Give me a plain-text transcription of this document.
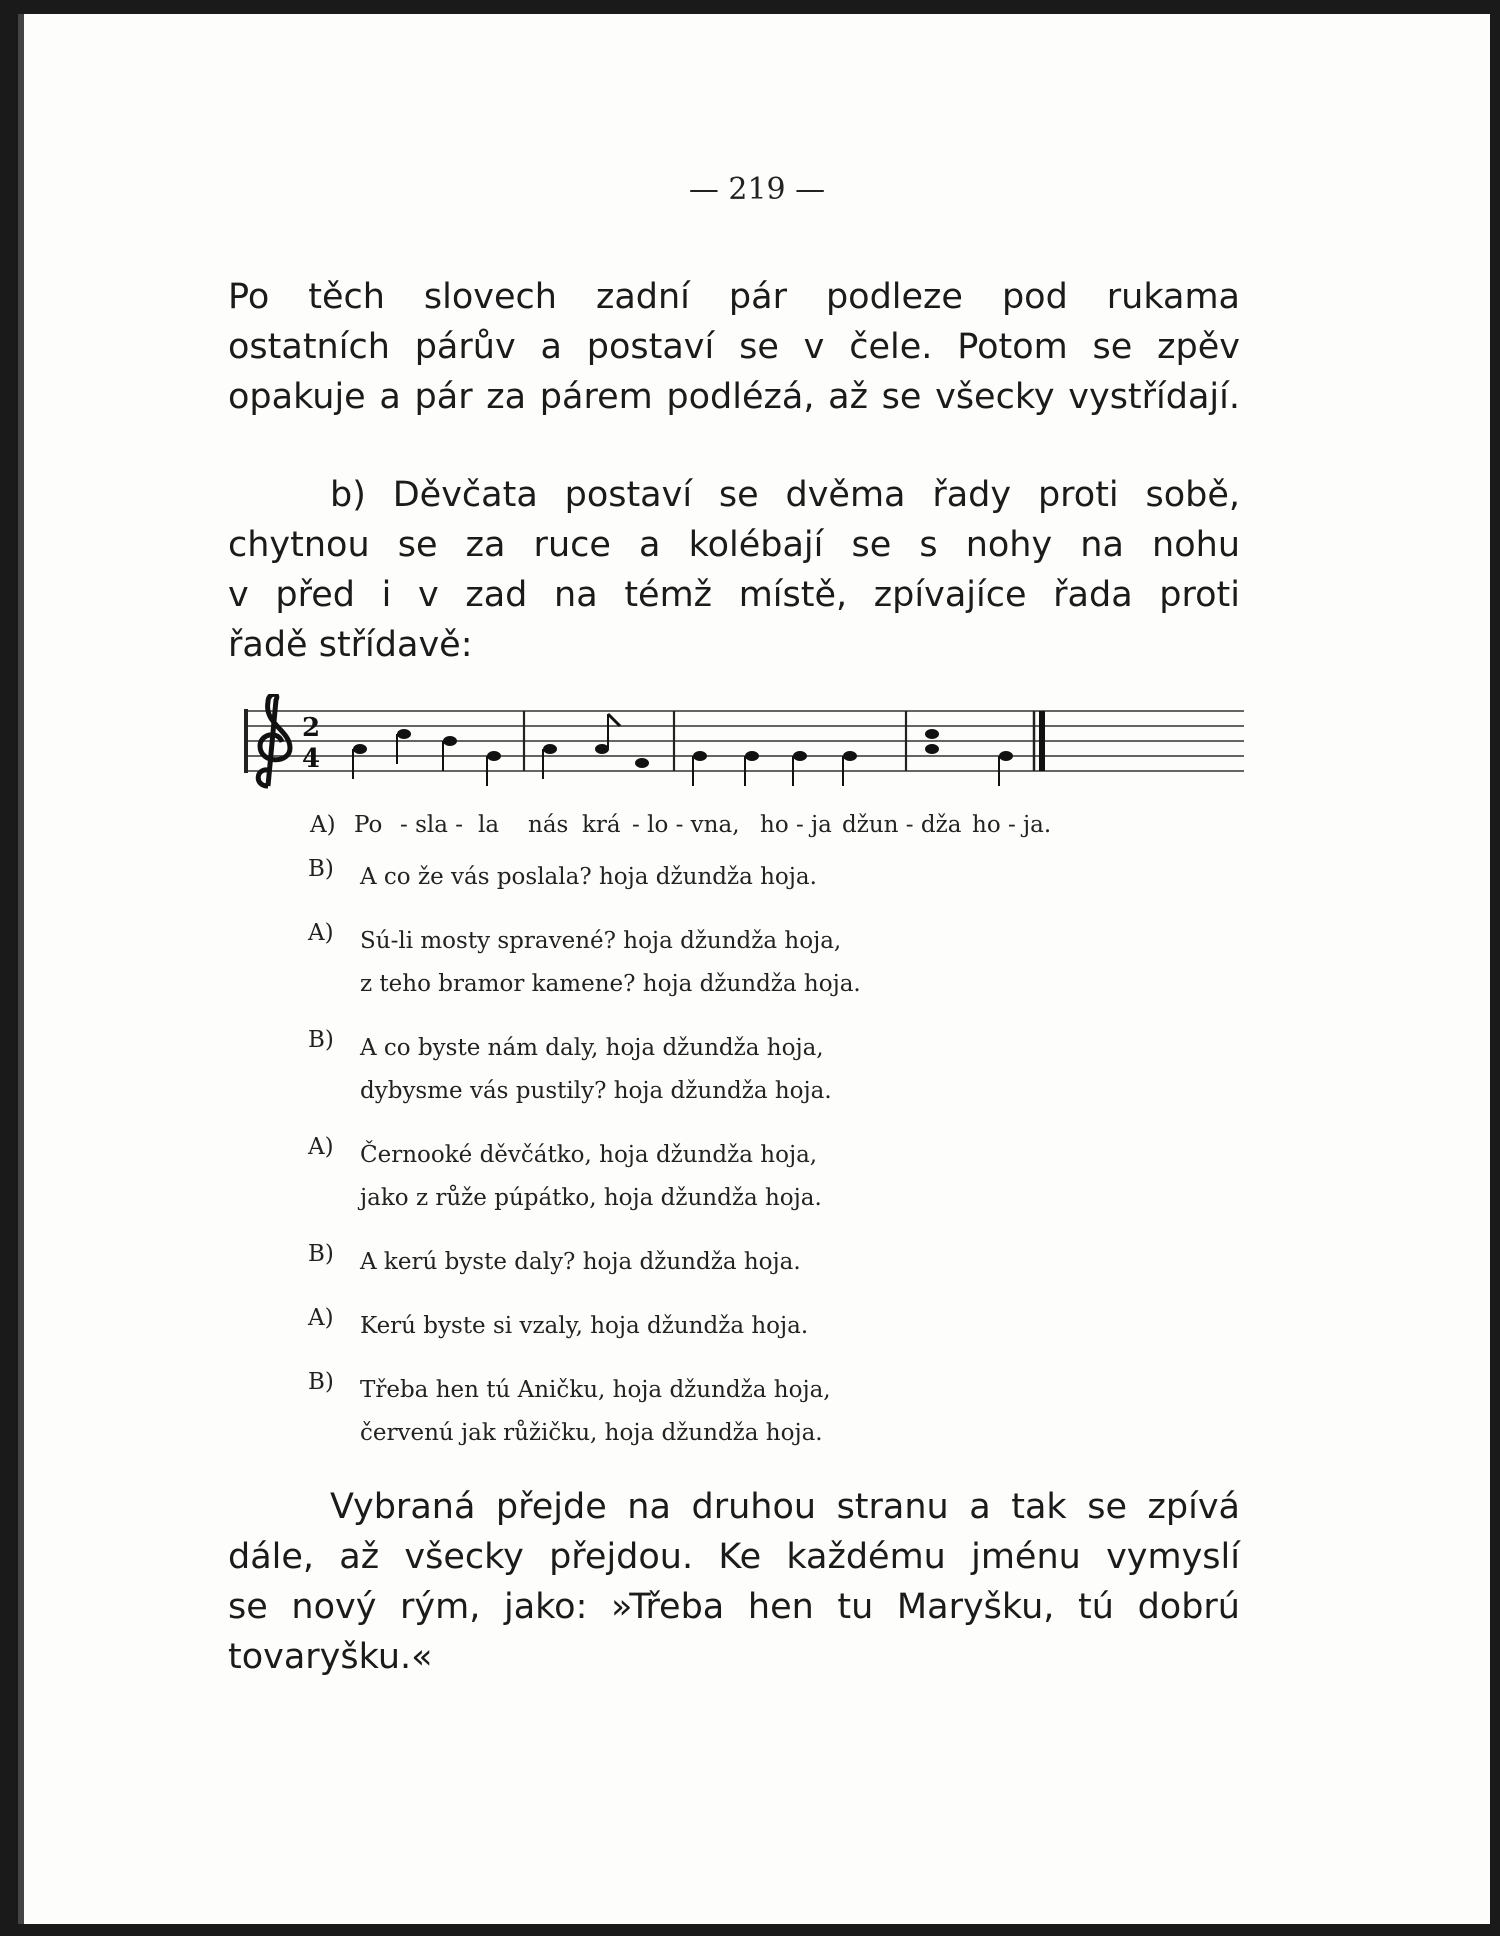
— 219 —
Po těch slovech zadní pár podleze pod rukama
ostatních párův a postaví se v čele. Potom se zpěv
opakuje a pár za párem podlézá, až se všecky vystřídají.
b) Děvčata postaví se dvěma řady proti sobě,
chytnou se za ruce a kolébají se s nohy na nohu
v před i v zad na témž místě, zpívajíce řada proti
řadě střídavě:
2
4
A) Po - sla - la nás krá - lo - vna, ho - ja džun - dža ho - ja.
B)	A co že vás poslala? hoja džundža hoja.
A)	Sú-li mosty spravené? hoja džundža hoja,
z teho bramor kamene? hoja džundža hoja.
B)	A co byste nám daly, hoja džundža hoja,
dybysme vás pustily? hoja džundža hoja.
A)	Černooké děvčátko, hoja džundža hoja,
jako z růže púpátko, hoja džundža hoja.
B)	A kerú byste daly? hoja džundža hoja.
A)	Kerú byste si vzaly, hoja džundža hoja.
B)	Třeba hen tú Aničku, hoja džundža hoja,
červenú jak růžičku, hoja džundža hoja.
Vybraná přejde na druhou stranu a tak se zpívá
dále, až všecky přejdou. Ke každému jménu vymyslí
se nový rým, jako: »Třeba hen tu Maryšku, tú dobrú
tovaryšku.«
